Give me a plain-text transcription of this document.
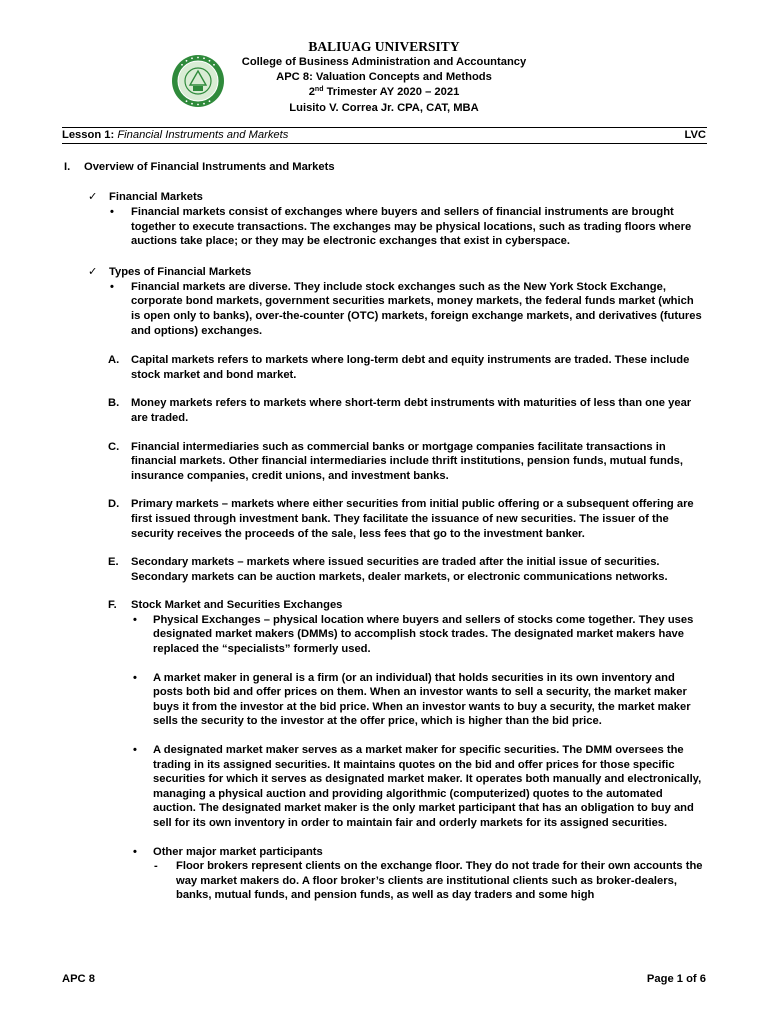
BALIUAG UNIVERSITY
College of Business Administration and Accountancy
APC 8: Valuation Concepts and Methods
2nd Trimester AY 2020 – 2021
Luisito V. Correa Jr. CPA, CAT, MBA
Lesson 1: Financial Instruments and Markets	LVC
I. Overview of Financial Instruments and Markets
✓ Financial Markets
• Financial markets consist of exchanges where buyers and sellers of financial instruments are brought together to execute transactions. The exchanges may be physical locations, such as trading floors where auctions take place; or they may be electronic exchanges that exist in cyberspace.
✓ Types of Financial Markets
• Financial markets are diverse. They include stock exchanges such as the New York Stock Exchange, corporate bond markets, government securities markets, money markets, the federal funds market (which is open only to banks), over-the-counter (OTC) markets, foreign exchange markets, and derivatives (futures and options) exchanges.
A. Capital markets refers to markets where long-term debt and equity instruments are traded. These include stock market and bond market.
B. Money markets refers to markets where short-term debt instruments with maturities of less than one year are traded.
C. Financial intermediaries such as commercial banks or mortgage companies facilitate transactions in financial markets. Other financial intermediaries include thrift institutions, pension funds, mutual funds, insurance companies, credit unions, and investment banks.
D. Primary markets – markets where either securities from initial public offering or a subsequent offering are first issued through investment bank. They facilitate the issuance of new securities. The issuer of the security receives the proceeds of the sale, less fees that go to the investment banker.
E. Secondary markets – markets where issued securities are traded after the initial issue of securities. Secondary markets can be auction markets, dealer markets, or electronic communications networks.
F. Stock Market and Securities Exchanges
• Physical Exchanges – physical location where buyers and sellers of stocks come together. They uses designated market makers (DMMs) to accomplish stock trades. The designated market makers have replaced the “specialists” formerly used.
• A market maker in general is a firm (or an individual) that holds securities in its own inventory and posts both bid and offer prices on them. When an investor wants to sell a security, the market maker buys it from the investor at the bid price. When an investor wants to buy a security, the market maker sells the security to the investor at the offer price, which is higher than the bid price.
• A designated market maker serves as a market maker for specific securities. The DMM oversees the trading in its assigned securities. It maintains quotes on the bid and offer prices for those specific securities for which it serves as designated market maker. It operates both manually and electronically, managing a physical auction and providing algorithmic (computerized) quotes to the automated auction. The designated market maker is the only market participant that has an obligation to buy and sell for its own inventory in order to maintain fair and orderly markets for its assigned securities.
• Other major market participants
- Floor brokers represent clients on the exchange floor. They do not trade for their own accounts the way market makers do. A floor broker’s clients are institutional clients such as broker-dealers, banks, mutual funds, and pension funds, as well as day traders and some high
APC 8	Page 1 of 6
